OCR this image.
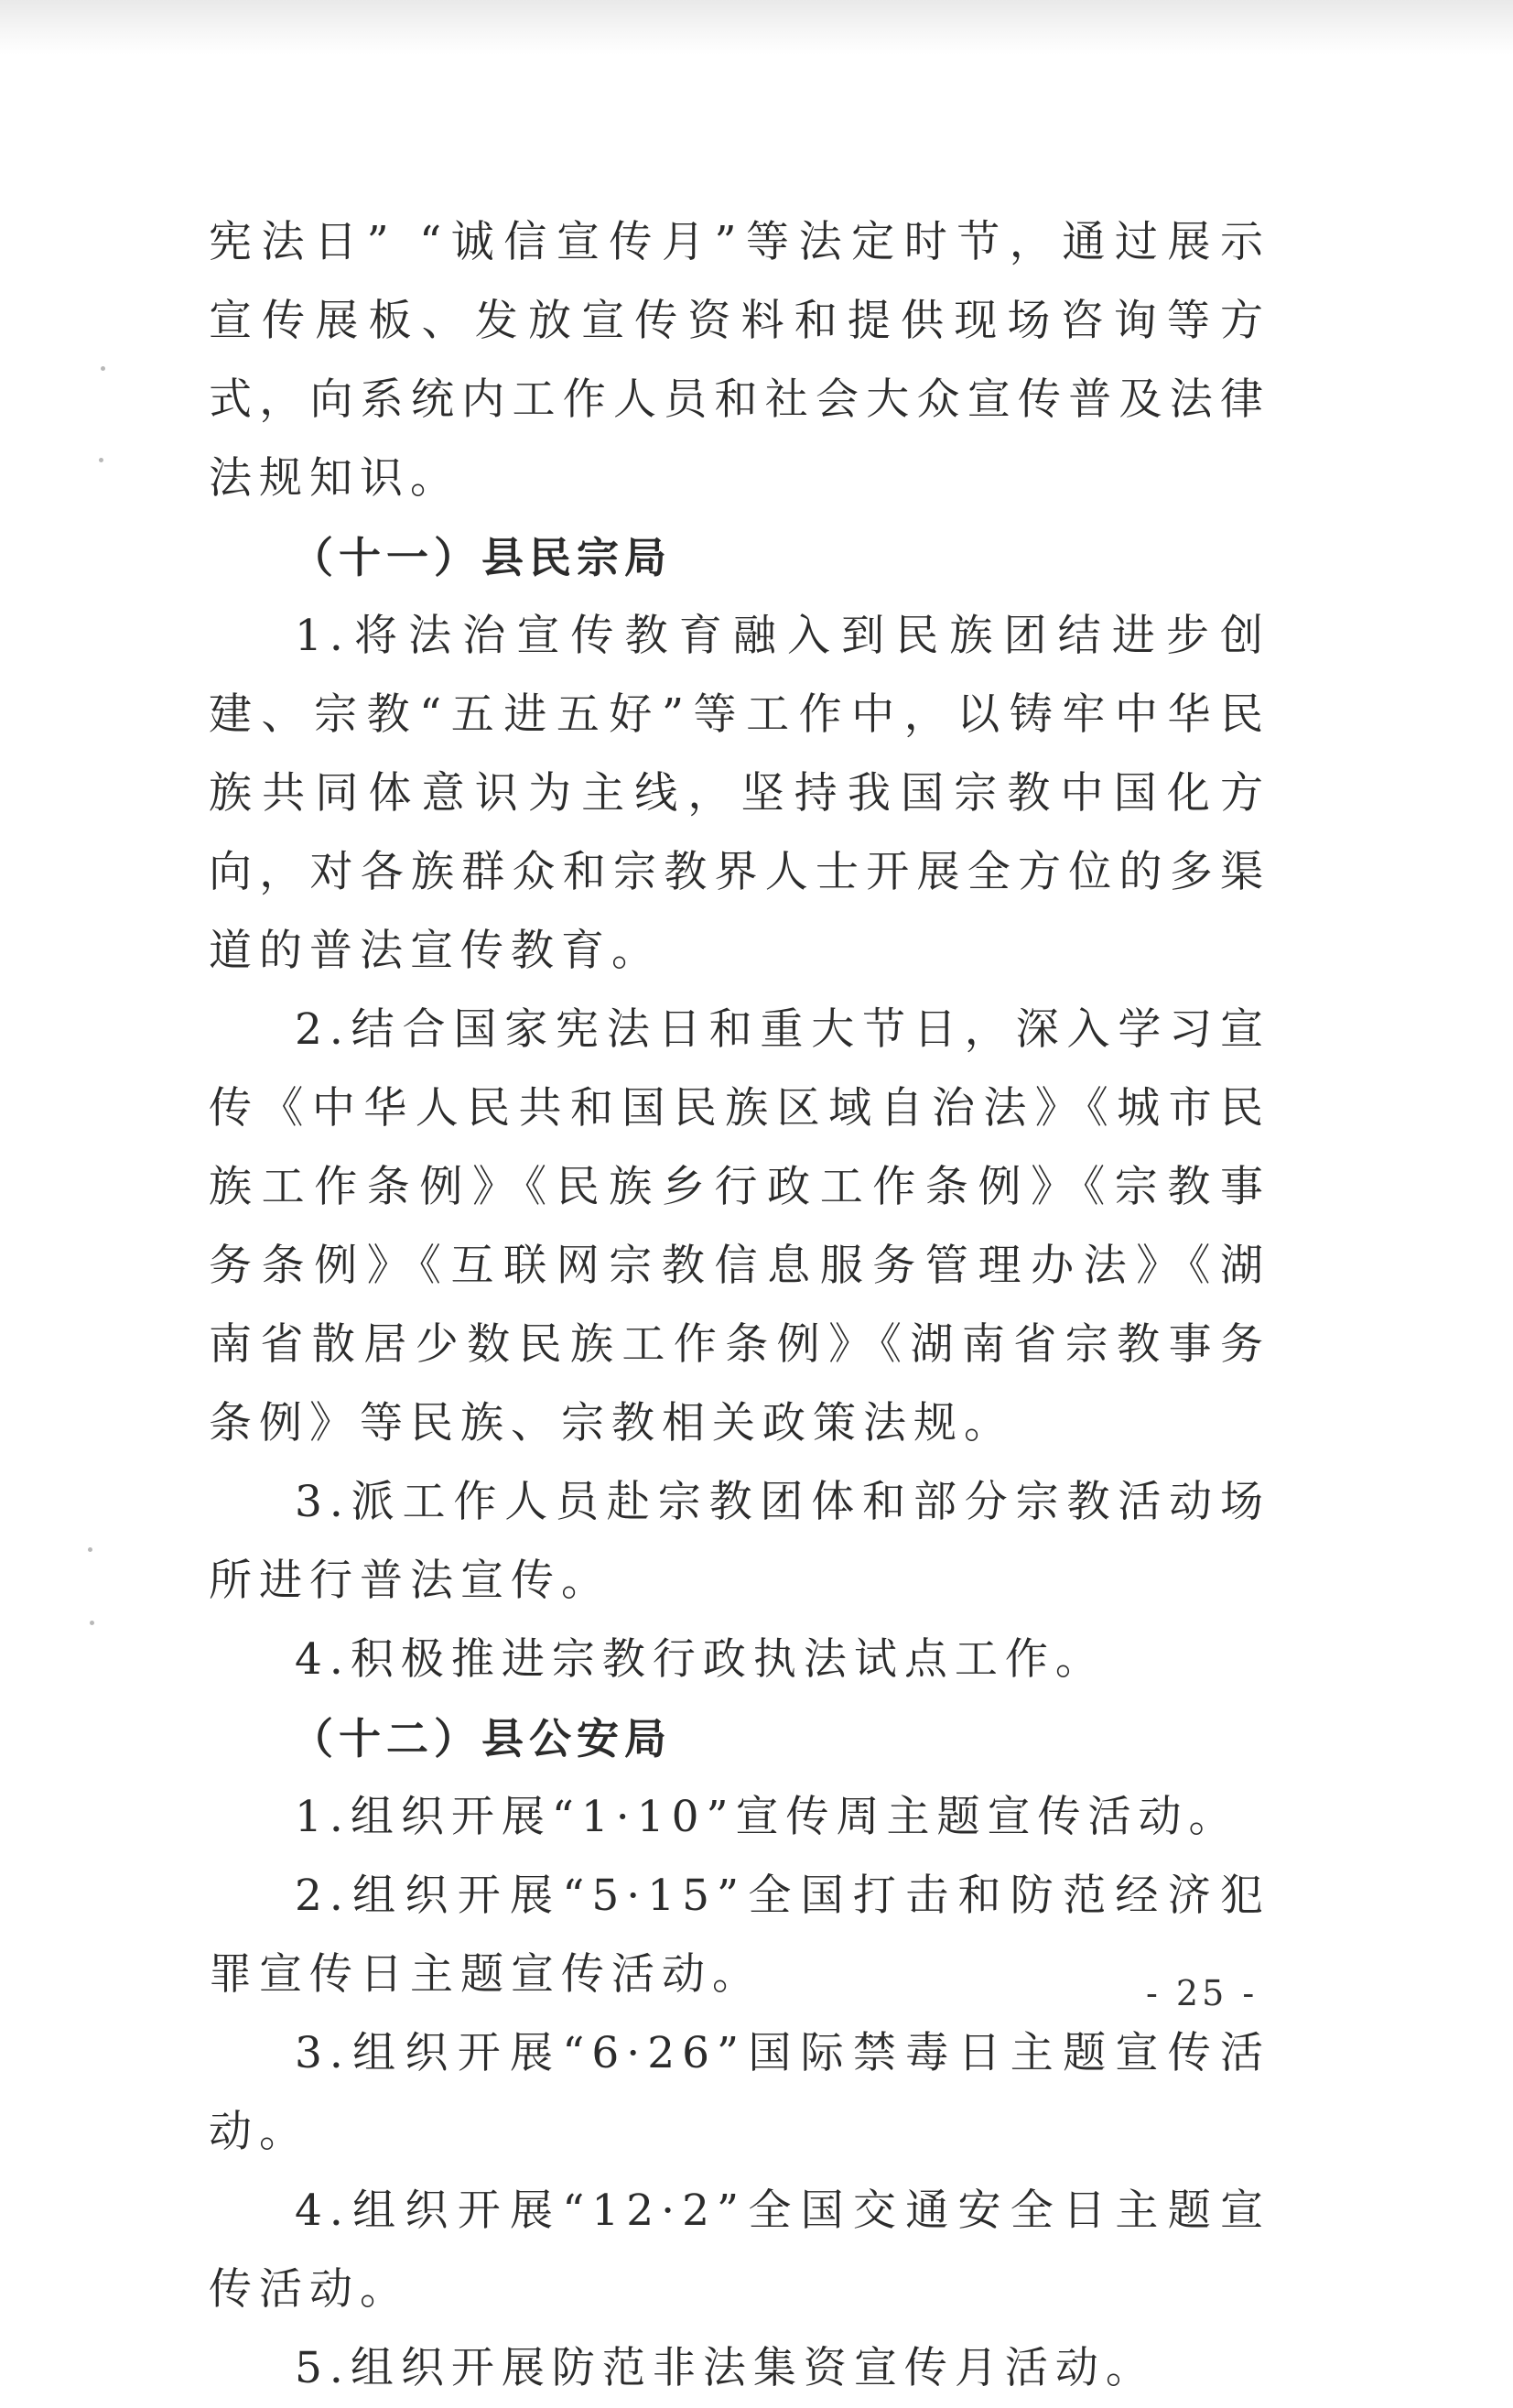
宪法日” “诚信宣传月”等法定时节，通过展示宣传展板、发放宣传资料和提供现场咨询等方式，向系统内工作人员和社会大众宣传普及法律法规知识。

（十一）县民宗局

1.将法治宣传教育融入到民族团结进步创建、宗教“五进五好”等工作中，以铸牢中华民族共同体意识为主线，坚持我国宗教中国化方向，对各族群众和宗教界人士开展全方位的多渠道的普法宣传教育。

2.结合国家宪法日和重大节日，深入学习宣传《中华人民共和国民族区域自治法》《城市民族工作条例》《民族乡行政工作条例》《宗教事务条例》《互联网宗教信息服务管理办法》《湖南省散居少数民族工作条例》《湖南省宗教事务条例》等民族、宗教相关政策法规。

3.派工作人员赴宗教团体和部分宗教活动场所进行普法宣传。

4.积极推进宗教行政执法试点工作。

（十二）县公安局

1.组织开展“1·10”宣传周主题宣传活动。

2.组织开展“5·15”全国打击和防范经济犯罪宣传日主题宣传活动。

3.组织开展“6·26”国际禁毒日主题宣传活动。

4.组织开展“12·2”全国交通安全日主题宣传活动。

5.组织开展防范非法集资宣传月活动。

- 25 -
